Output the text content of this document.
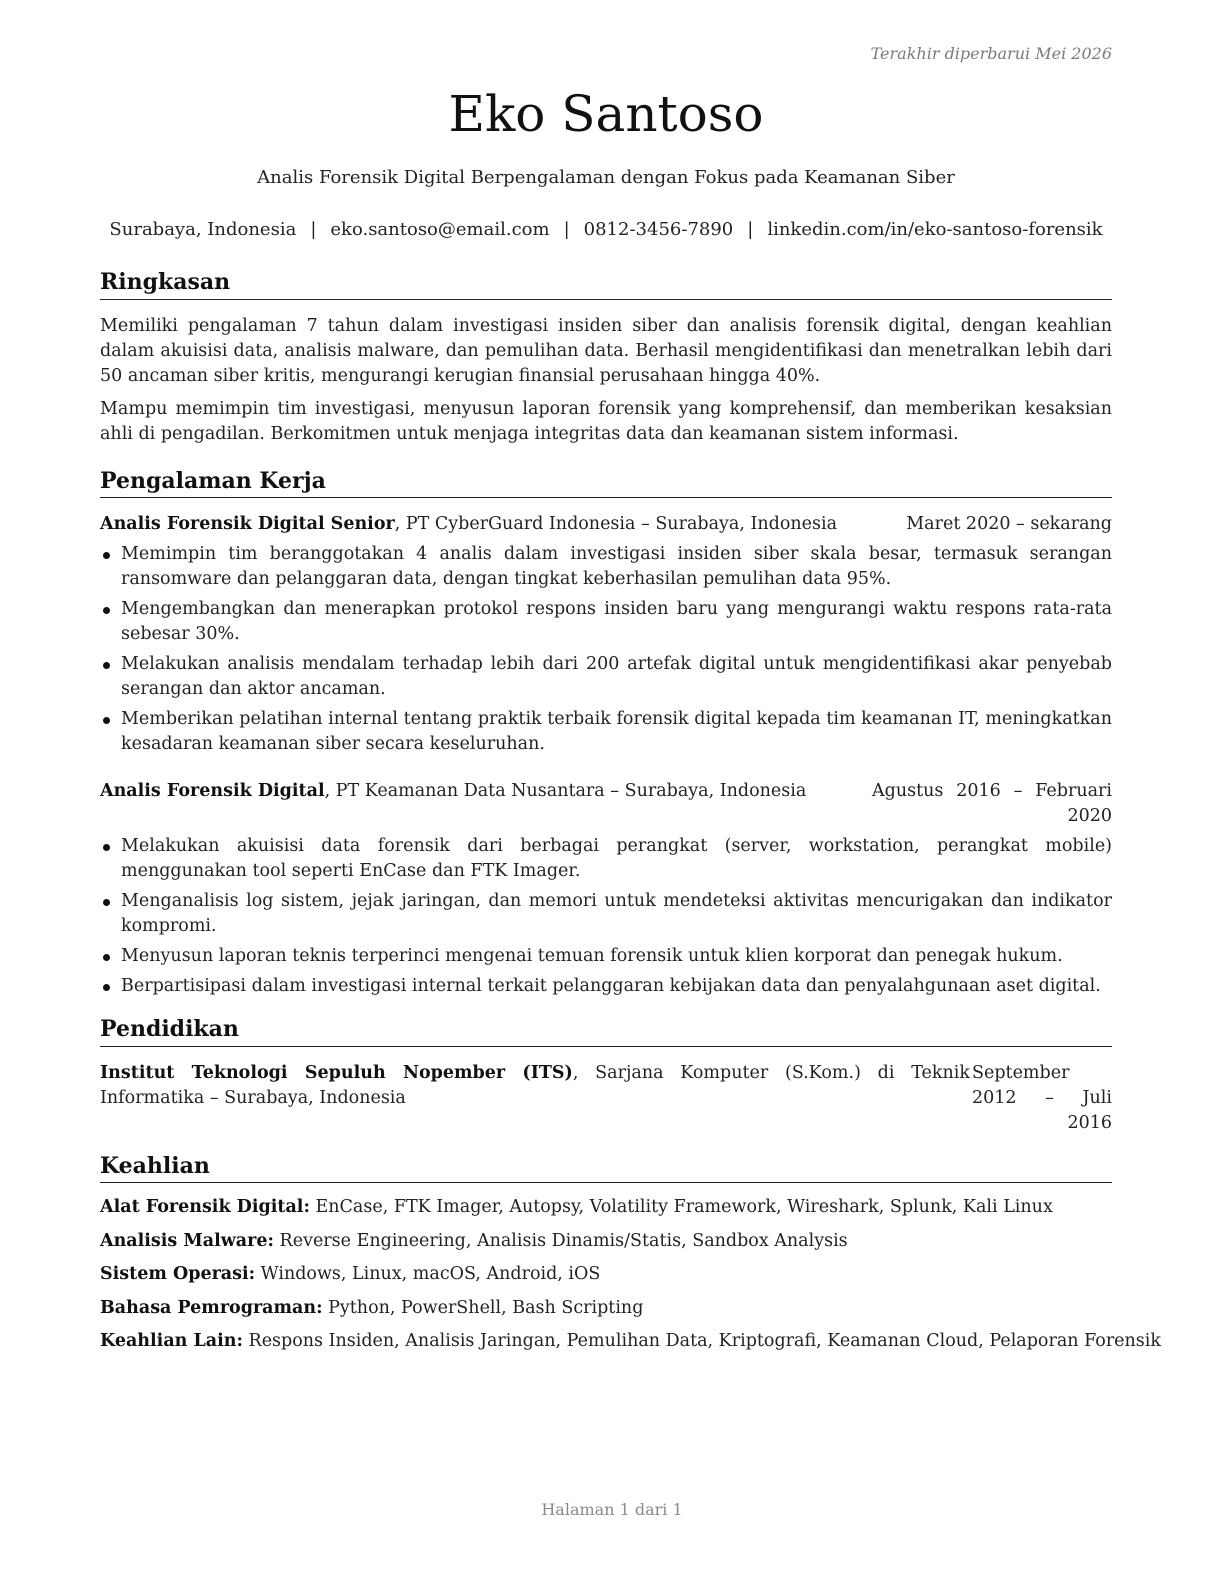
Terakhir diperbarui Mei 2026
Eko Santoso
Analis Forensik Digital Berpengalaman dengan Fokus pada Keamanan Siber
Surabaya, Indonesia | eko.santoso@email.com | 0812-3456-7890 | linkedin.com/in/eko-santoso-forensik
Ringkasan

Memiliki pengalaman 7 tahun dalam investigasi insiden siber dan analisis forensik digital, dengan keahlian dalam akuisisi data, analisis malware, dan pemulihan data. Berhasil mengidentifikasi dan menetralkan lebih dari 50 ancaman siber kritis, mengurangi kerugian finansial perusahaan hingga 40%.

Mampu memimpin tim investigasi, menyusun laporan forensik yang komprehensif, dan memberikan kesaksian ahli di pengadilan. Berkomitmen untuk menjaga integritas data dan keamanan sistem informasi.

Pengalaman Kerja
Analis Forensik Digital Senior, PT CyberGuard Indonesia – Surabaya, Indonesia	Maret 2020 – sekarang
Memimpin tim beranggotakan 4 analis dalam investigasi insiden siber skala besar, termasuk serangan ransomware dan pelanggaran data, dengan tingkat keberhasilan pemulihan data 95%.
Mengembangkan dan menerapkan protokol respons insiden baru yang mengurangi waktu respons rata-rata sebesar 30%.
Melakukan analisis mendalam terhadap lebih dari 200 artefak digital untuk mengidentifikasi akar penyebab serangan dan aktor ancaman.
Memberikan pelatihan internal tentang praktik terbaik forensik digital kepada tim keamanan IT, meningkatkan kesadaran keamanan siber secara keseluruhan.
Analis Forensik Digital, PT Keamanan Data Nusantara – Surabaya, Indonesia	Agustus 2016 – Februari 2020
Melakukan akuisisi data forensik dari berbagai perangkat (server, workstation, perangkat mobile) menggunakan tool seperti EnCase dan FTK Imager.
Menganalisis log sistem, jejak jaringan, dan memori untuk mendeteksi aktivitas mencurigakan dan indikator kompromi.
Menyusun laporan teknis terperinci mengenai temuan forensik untuk klien korporat dan penegak hukum.
Berpartisipasi dalam investigasi internal terkait pelanggaran kebijakan data dan penyalahgunaan aset digital.
Pendidikan
Institut Teknologi Sepuluh Nopember (ITS), Sarjana Komputer (S.Kom.) di Teknik Informatika – Surabaya, Indonesia
September 2012 – Juli 2016
Keahlian
Alat Forensik Digital: EnCase, FTK Imager, Autopsy, Volatility Framework, Wireshark, Splunk, Kali Linux
Analisis Malware: Reverse Engineering, Analisis Dinamis/Statis, Sandbox Analysis
Sistem Operasi: Windows, Linux, macOS, Android, iOS
Bahasa Pemrograman: Python, PowerShell, Bash Scripting
Keahlian Lain: Respons Insiden, Analisis Jaringan, Pemulihan Data, Kriptografi, Keamanan Cloud, Pelaporan Forensik
Halaman 1 dari 1
